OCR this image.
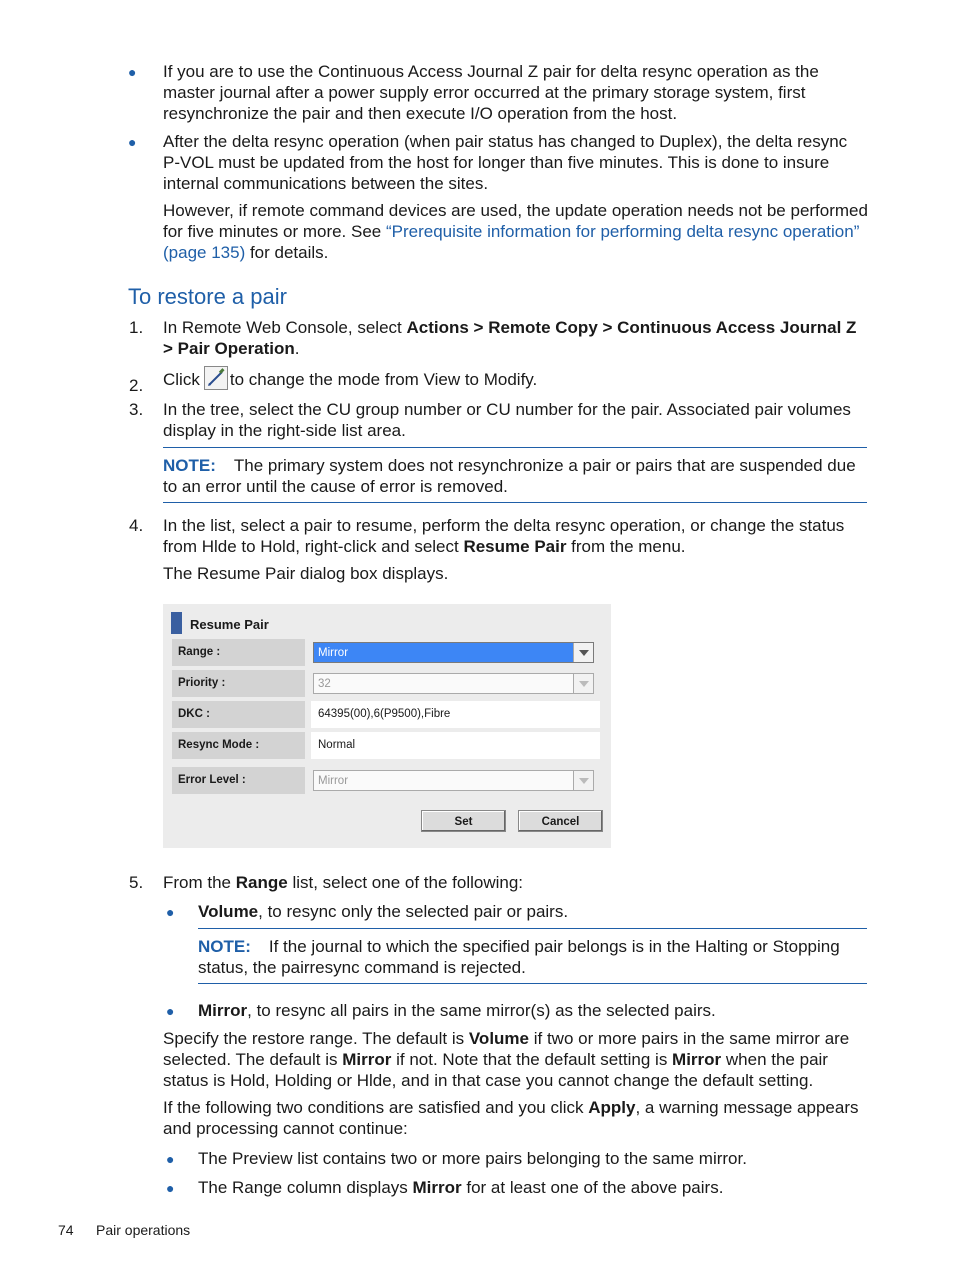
● If you are to use the Continuous Access Journal Z pair for delta resync operation as the master journal after a power supply error occurred at the primary storage system, first resynchronize the pair and then execute I/O operation from the host.
● After the delta resync operation (when pair status has changed to Duplex), the delta resync P-VOL must be updated from the host for longer than five minutes. This is done to insure internal communications between the sites.
However, if remote command devices are used, the update operation needs not be performed for five minutes or more. See “Prerequisite information for performing delta resync operation” (page 135) for details.
To restore a pair
1. In Remote Web Console, select Actions > Remote Copy > Continuous Access Journal Z > Pair Operation.
2. Click to change the mode from View to Modify.
3. In the tree, select the CU group number or CU number for the pair. Associated pair volumes display in the right-side list area.
NOTE: The primary system does not resynchronize a pair or pairs that are suspended due to an error until the cause of error is removed.
4. In the list, select a pair to resume, perform the delta resync operation, or change the status from Hlde to Hold, right-click and select Resume Pair from the menu.
The Resume Pair dialog box displays.
Resume Pair
Range :	Mirror
Priority :	32
DKC :	64395(00),6(P9500),Fibre
Resync Mode :	Normal
Error Level :	Mirror
Set	Cancel
5. From the Range list, select one of the following:
● Volume, to resync only the selected pair or pairs.
NOTE: If the journal to which the specified pair belongs is in the Halting or Stopping status, the pairresync command is rejected.
● Mirror, to resync all pairs in the same mirror(s) as the selected pairs.
Specify the restore range. The default is Volume if two or more pairs in the same mirror are selected. The default is Mirror if not. Note that the default setting is Mirror when the pair status is Hold, Holding or Hlde, and in that case you cannot change the default setting.
If the following two conditions are satisfied and you click Apply, a warning message appears and processing cannot continue:
● The Preview list contains two or more pairs belonging to the same mirror.
● The Range column displays Mirror for at least one of the above pairs.
74 Pair operations
